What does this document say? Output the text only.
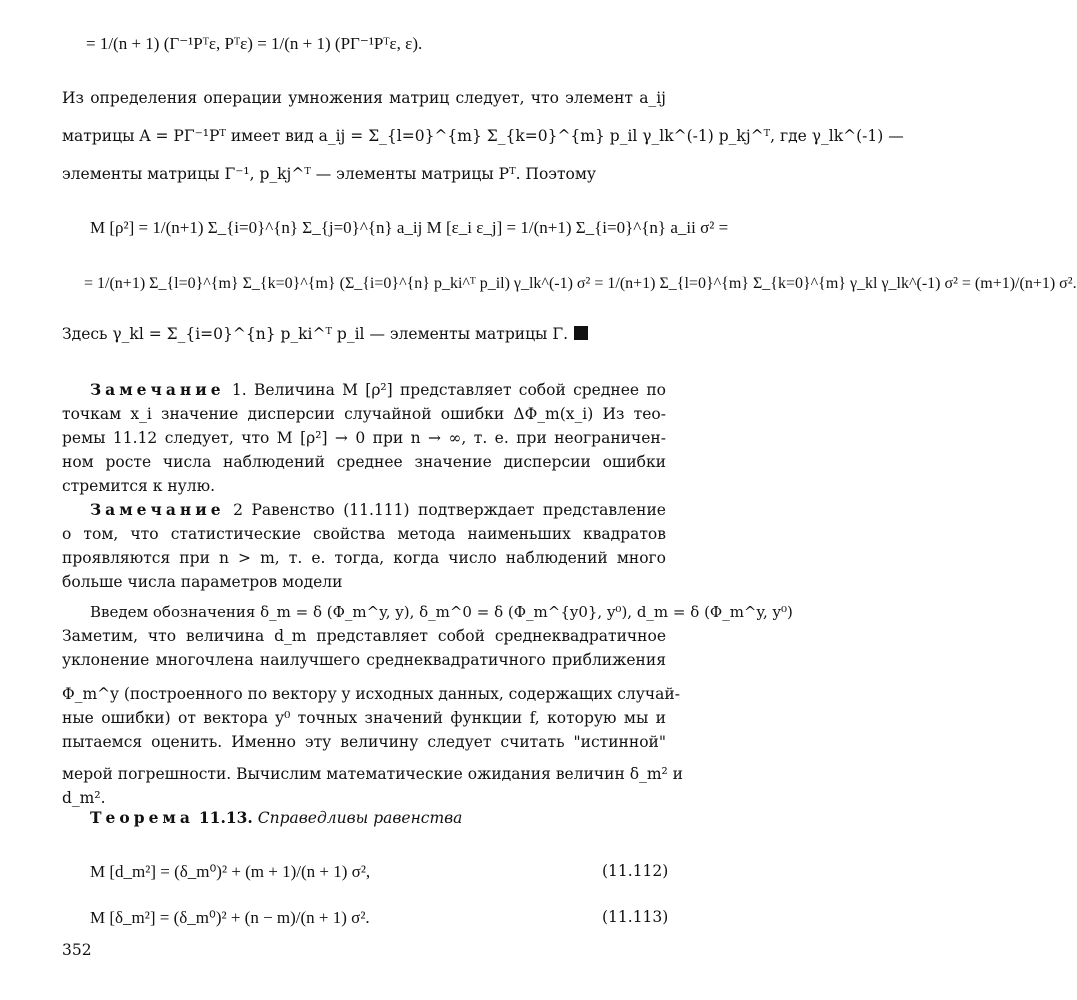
= 1/(n + 1) (Γ⁻¹Pᵀε, Pᵀε) = 1/(n + 1) (PΓ⁻¹Pᵀε, ε).
Из определения операции умножения матриц следует, что элемент a_ij
матрицы A = PΓ⁻¹Pᵀ имеет вид a_ij = Σ_{l=0}^{m} Σ_{k=0}^{m} p_il γ_lk^(-1) p_kj^ᵀ, где γ_lk^(-1) —
элементы матрицы Γ⁻¹, p_kj^ᵀ — элементы матрицы Pᵀ. Поэтому
M [ρ²] = 1/(n+1) Σ_{i=0}^{n} Σ_{j=0}^{n} a_ij M [ε_i ε_j] = 1/(n+1) Σ_{i=0}^{n} a_ii σ² =
= 1/(n+1) Σ_{l=0}^{m} Σ_{k=0}^{m} (Σ_{i=0}^{n} p_ki^ᵀ p_il) γ_lk^(-1) σ² = 1/(n+1) Σ_{l=0}^{m} Σ_{k=0}^{m} γ_kl γ_lk^(-1) σ² = (m+1)/(n+1) σ².
Здесь γ_kl = Σ_{i=0}^{n} p_ki^ᵀ p_il — элементы матрицы Γ.
Замечание 1. Величина M [ρ²] представляет собой среднее по
точкам x_i значение дисперсии случайной ошибки ΔΦ_m(x_i) Из тео-
ремы 11.12 следует, что M [ρ²] → 0 при n → ∞, т. е. при неограничен-
ном росте числа наблюдений среднее значение дисперсии ошибки
стремится к нулю.
Замечание 2 Равенство (11.111) подтверждает представление
о том, что статистические свойства метода наименьших квадратов
проявляются при n > m, т. е. тогда, когда число наблюдений много
больше числа параметров модели
Введем обозначения δ_m = δ (Φ_m^y, y), δ_m^0 = δ (Φ_m^{y0}, y⁰), d_m = δ (Φ_m^y, y⁰)
Заметим, что величина d_m представляет собой среднеквадратичное
уклонение многочлена наилучшего среднеквадратичного приближения
Φ_m^y (построенного по вектору y исходных данных, содержащих случай-
ные ошибки) от вектора y⁰ точных значений функции f, которую мы и
пытаемся оценить. Именно эту величину следует считать "истинной"
мерой погрешности. Вычислим математические ожидания величин δ_m² и
d_m².
Теорема 11.13. Справедливы равенства
M [d_m²] = (δ_m⁰)² + (m + 1)/(n + 1) σ²,	(11.112)
M [δ_m²] = (δ_m⁰)² + (n − m)/(n + 1) σ².	(11.113)
352
